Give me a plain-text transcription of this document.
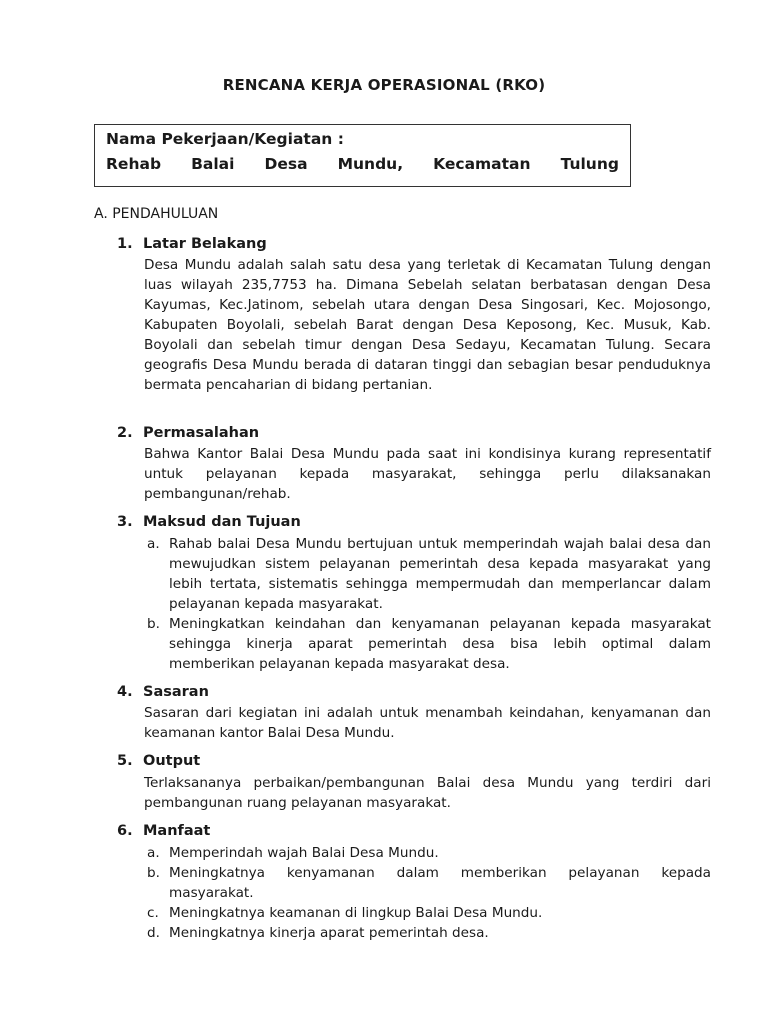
RENCANA KERJA OPERASIONAL (RKO)
Nama Pekerjaan/Kegiatan :
Rehab Balai Desa Mundu, Kecamatan Tulung
A. PENDAHULUAN
1. Latar Belakang
Desa Mundu adalah salah satu desa yang terletak di Kecamatan Tulung dengan luas wilayah 235,7753 ha. Dimana Sebelah selatan berbatasan dengan Desa Kayumas, Kec.Jatinom, sebelah utara dengan Desa Singosari, Kec. Mojosongo, Kabupaten Boyolali, sebelah Barat dengan Desa Keposong, Kec. Musuk, Kab. Boyolali dan sebelah timur dengan Desa Sedayu, Kecamatan Tulung. Secara geografis Desa Mundu berada di dataran tinggi dan sebagian besar penduduknya bermata pencaharian di bidang pertanian.
2. Permasalahan
Bahwa Kantor Balai Desa Mundu pada saat ini kondisinya kurang representatif untuk pelayanan kepada masyarakat, sehingga perlu dilaksanakan pembangunan/rehab.
3. Maksud dan Tujuan
a. Rahab balai Desa Mundu bertujuan untuk memperindah wajah balai desa dan mewujudkan sistem pelayanan pemerintah desa kepada masyarakat yang lebih tertata, sistematis sehingga mempermudah dan memperlancar dalam pelayanan kepada masyarakat.
b. Meningkatkan keindahan dan kenyamanan pelayanan kepada masyarakat sehingga kinerja aparat pemerintah desa bisa lebih optimal dalam memberikan pelayanan kepada masyarakat desa.
4. Sasaran
Sasaran dari kegiatan ini adalah untuk menambah keindahan, kenyamanan dan keamanan kantor Balai Desa Mundu.
5. Output
Terlaksananya perbaikan/pembangunan Balai desa Mundu yang terdiri dari pembangunan ruang pelayanan masyarakat.
6. Manfaat
a. Memperindah wajah Balai Desa Mundu.
b. Meningkatnya kenyamanan dalam memberikan pelayanan kepada masyarakat.
c. Meningkatnya keamanan di lingkup Balai Desa Mundu.
d. Meningkatnya kinerja aparat pemerintah desa.
